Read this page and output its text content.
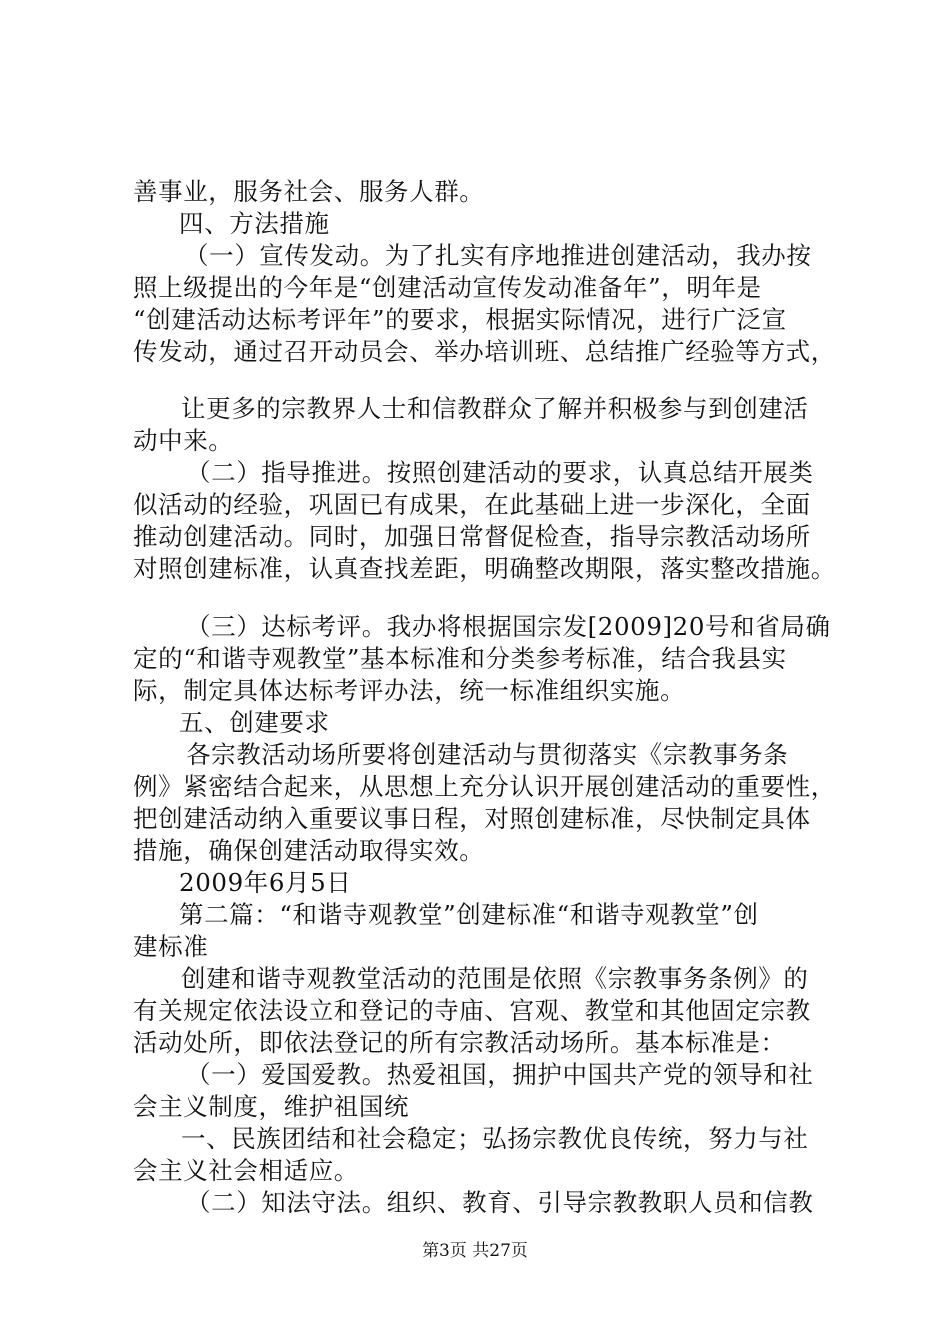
善事业，服务社会、服务人群。
四、方法措施
（一）宣传发动。为了扎实有序地推进创建活动，我办按
照上级提出的今年是“创建活动宣传发动准备年”，明年是
“创建活动达标考评年”的要求，根据实际情况，进行广泛宣
传发动，通过召开动员会、举办培训班、总结推广经验等方式，
让更多的宗教界人士和信教群众了解并积极参与到创建活
动中来。
（二）指导推进。按照创建活动的要求，认真总结开展类
似活动的经验，巩固已有成果，在此基础上进一步深化，全面
推动创建活动。同时，加强日常督促检查，指导宗教活动场所
对照创建标准，认真查找差距，明确整改期限，落实整改措施。
（三）达标考评。我办将根据国宗发[2009]20号和省局确
定的“和谐寺观教堂”基本标准和分类参考标准，结合我县实
际，制定具体达标考评办法，统一标准组织实施。
五、创建要求
各宗教活动场所要将创建活动与贯彻落实《宗教事务条
例》紧密结合起来，从思想上充分认识开展创建活动的重要性，
把创建活动纳入重要议事日程，对照创建标准，尽快制定具体
措施，确保创建活动取得实效。
2009年6月5日
第二篇：“和谐寺观教堂”创建标准“和谐寺观教堂”创
建标准
创建和谐寺观教堂活动的范围是依照《宗教事务条例》的
有关规定依法设立和登记的寺庙、宫观、教堂和其他固定宗教
活动处所，即依法登记的所有宗教活动场所。基本标准是：
（一）爱国爱教。热爱祖国，拥护中国共产党的领导和社
会主义制度，维护祖国统
一、民族团结和社会稳定；弘扬宗教优良传统，努力与社
会主义社会相适应。
（二）知法守法。组织、教育、引导宗教教职人员和信教
第3页 共27页
